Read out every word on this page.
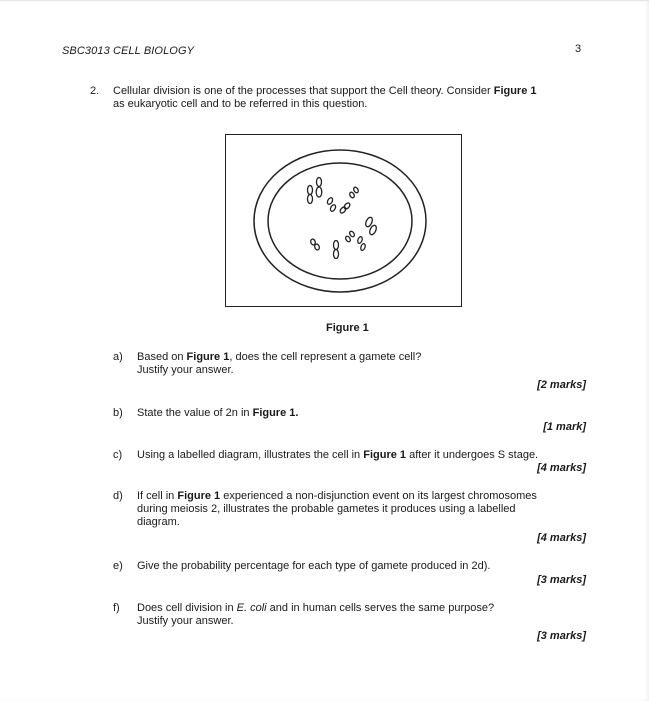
SBC3013 CELL BIOLOGY	3
2. Cellular division is one of the processes that support the Cell theory. Consider Figure 1
as eukaryotic cell and to be referred in this question.
Figure 1
a) Based on Figure 1, does the cell represent a gamete cell?
Justify your answer.
[2 marks]
b) State the value of 2n in Figure 1.
[1 mark]
c) Using a labelled diagram, illustrates the cell in Figure 1 after it undergoes S stage.
[4 marks]
d) If cell in Figure 1 experienced a non-disjunction event on its largest chromosomes
during meiosis 2, illustrates the probable gametes it produces using a labelled
diagram.
[4 marks]
e) Give the probability percentage for each type of gamete produced in 2d).
[3 marks]
f) Does cell division in E. coli and in human cells serves the same purpose?
Justify your answer.
[3 marks]
